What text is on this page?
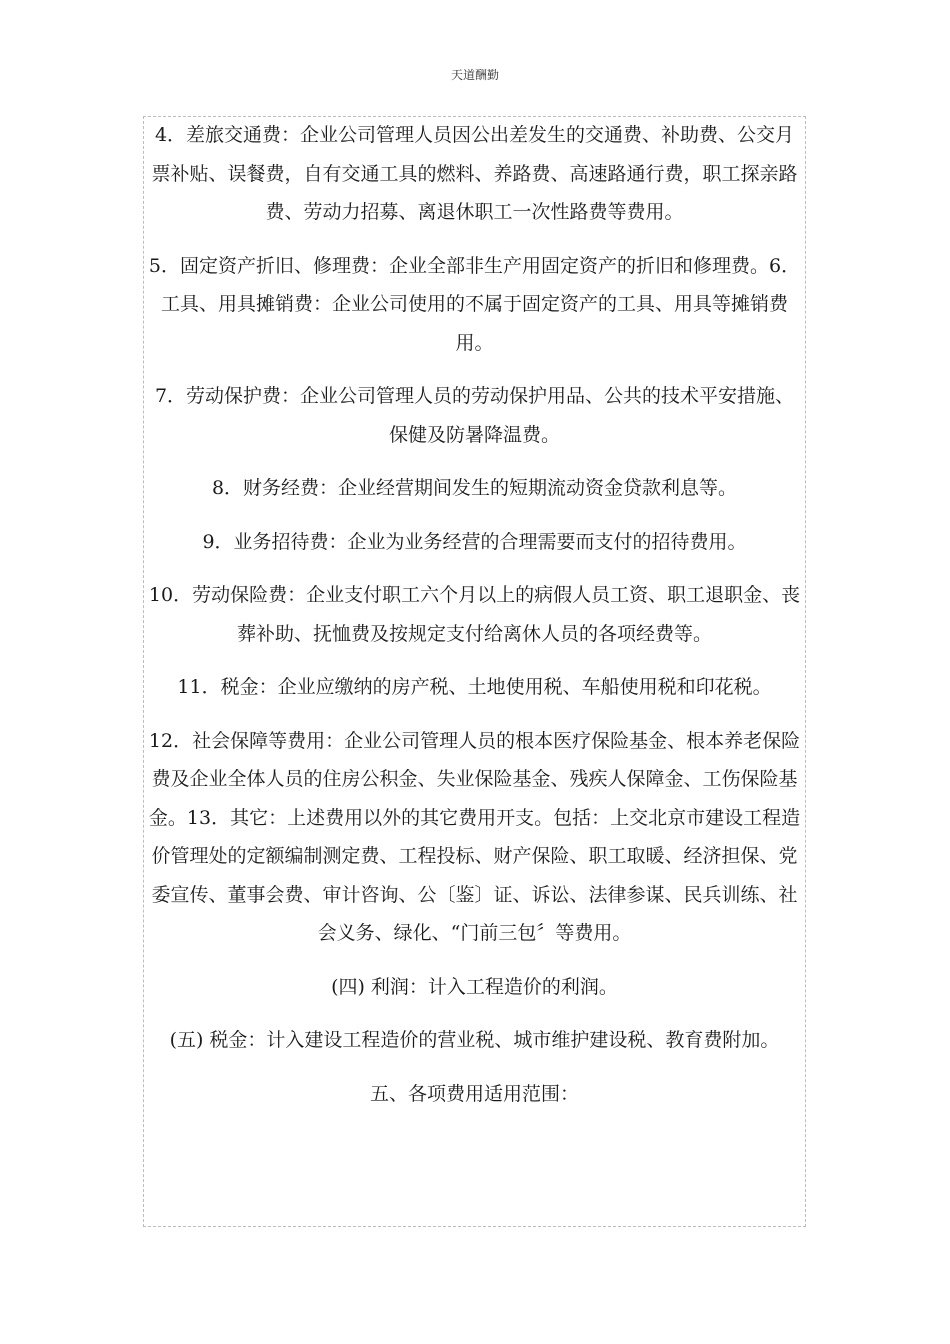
天道酬勤

4．差旅交通费：企业公司管理人员因公出差发生的交通费、补助费、公交月票补贴、误餐费，自有交通工具的燃料、养路费、高速路通行费，职工探亲路费、劳动力招募、离退休职工一次性路费等费用。

5．固定资产折旧、修理费：企业全部非生产用固定资产的折旧和修理费。6．工具、用具摊销费：企业公司使用的不属于固定资产的工具、用具等摊销费用。

7．劳动保护费：企业公司管理人员的劳动保护用品、公共的技术平安措施、保健及防暑降温费。

8．财务经费：企业经营期间发生的短期流动资金贷款利息等。

9．业务招待费：企业为业务经营的合理需要而支付的招待费用。

10．劳动保险费：企业支付职工六个月以上的病假人员工资、职工退职金、丧葬补助、抚恤费及按规定支付给离休人员的各项经费等。

11．税金：企业应缴纳的房产税、土地使用税、车船使用税和印花税。

12．社会保障等费用：企业公司管理人员的根本医疗保险基金、根本养老保险费及企业全体人员的住房公积金、失业保险基金、残疾人保障金、工伤保险基金。13．其它：上述费用以外的其它费用开支。包括：上交北京市建设工程造价管理处的定额编制测定费、工程投标、财产保险、职工取暖、经济担保、党委宣传、董事会费、审计咨询、公〔鉴〕证、诉讼、法律参谋、民兵训练、社会义务、绿化、“门前三包〞等费用。

(四) 利润：计入工程造价的利润。

(五) 税金：计入建设工程造价的营业税、城市维护建设税、教育费附加。

五、各项费用适用范围：
